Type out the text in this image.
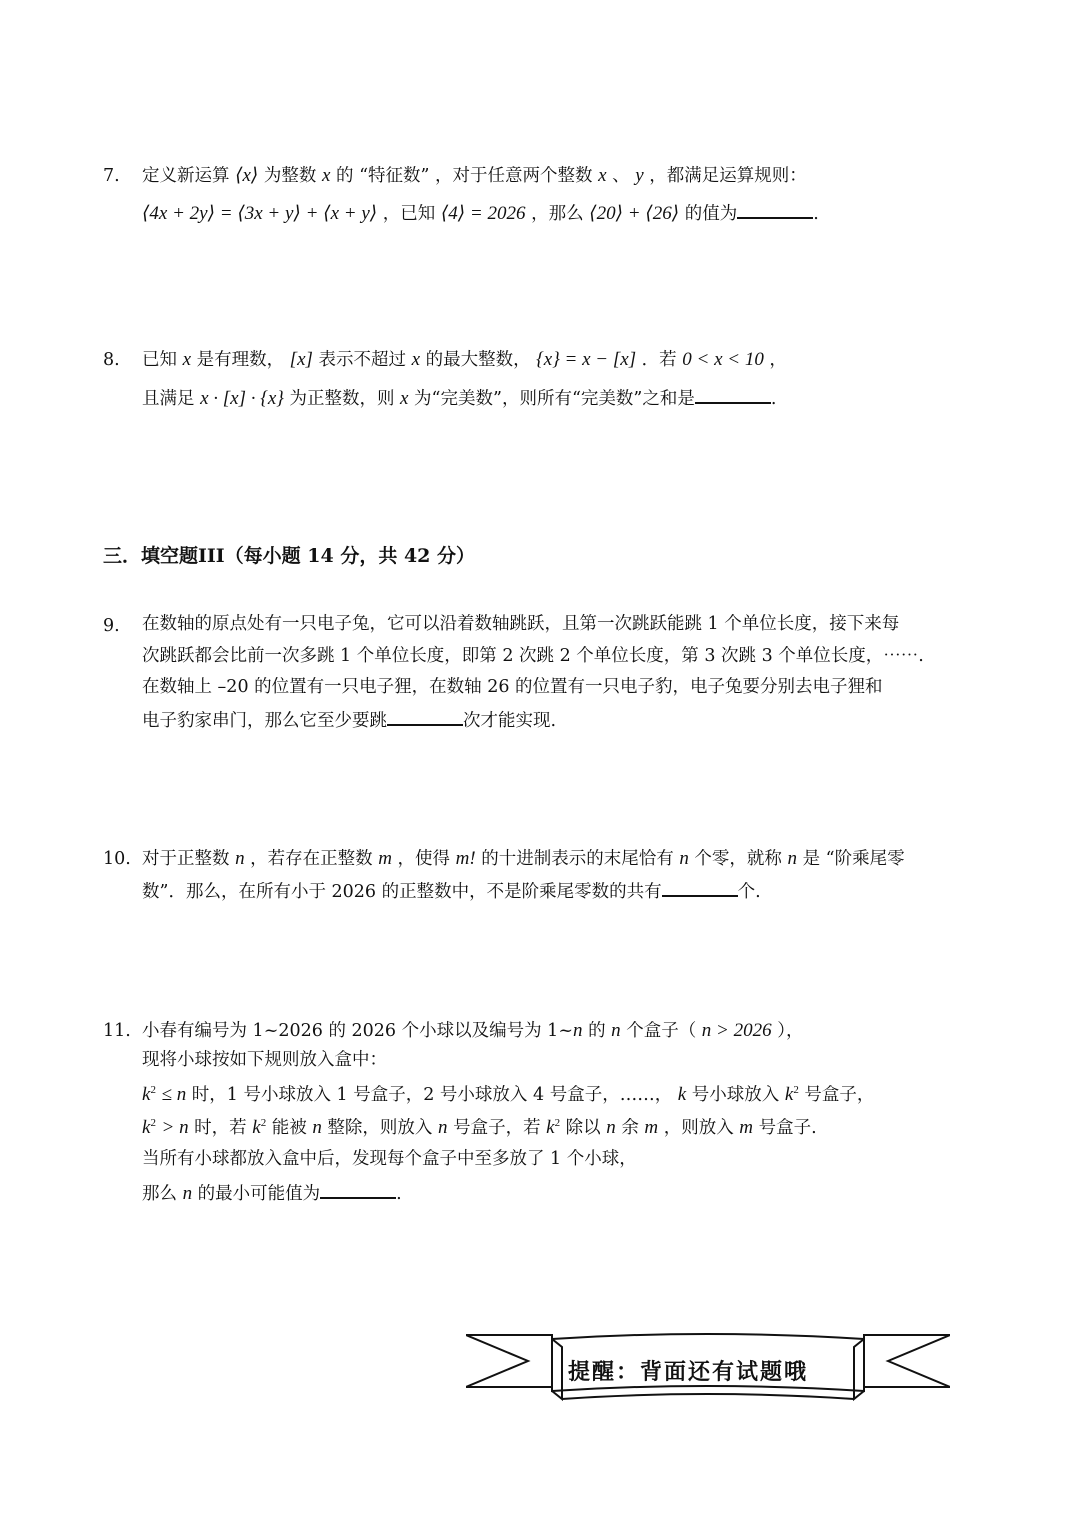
7. 定义新运算 ⟨x⟩ 为整数 x 的 “特征数” ，对于任意两个整数 x 、 y ，都满足运算规则：
⟨4x + 2y⟩ = ⟨3x + y⟩ + ⟨x + y⟩ ，已知 ⟨4⟩ = 2026 ，那么 ⟨20⟩ + ⟨26⟩ 的值为	.
8. 已知 x 是有理数， [x] 表示不超过 x 的最大整数， {x} = x − [x] ．若 0 < x < 10 ，
且满足 x · [x] · {x} 为正整数，则 x 为“完美数”，则所有“完美数”之和是	.
三．填空题III（每小题 14 分，共 42 分）
9. 在数轴的原点处有一只电子兔，它可以沿着数轴跳跃，且第一次跳跃能跳 1 个单位长度，接下来每
次跳跃都会比前一次多跳 1 个单位长度，即第 2 次跳 2 个单位长度，第 3 次跳 3 个单位长度，⋯⋯.
在数轴上 –20 的位置有一只电子狸，在数轴 26 的位置有一只电子豹，电子兔要分别去电子狸和
电子豹家串门，那么它至少要跳	次才能实现.
10. 对于正整数 n ，若存在正整数 m ，使得 m! 的十进制表示的末尾恰有 n 个零，就称 n 是 “阶乘尾零
数”．那么，在所有小于 2026 的正整数中，不是阶乘尾零数的共有	个.
11. 小春有编号为 1~2026 的 2026 个小球以及编号为 1~n 的 n 个盒子（ n > 2026 ），
现将小球按如下规则放入盒中：
$k^2 \le n$ 时，1 号小球放入 1 号盒子，2 号小球放入 4 号盒子，……， k 号小球放入 $k^2$ 号盒子，
$k^2 > n$ 时，若 $k^2$ 能被 n 整除，则放入 n 号盒子，若 $k^2$ 除以 n 余 m ，则放入 m 号盒子.
当所有小球都放入盒中后，发现每个盒子中至多放了 1 个小球，
那么 n 的最小可能值为	.
提醒：背面还有试题哦
